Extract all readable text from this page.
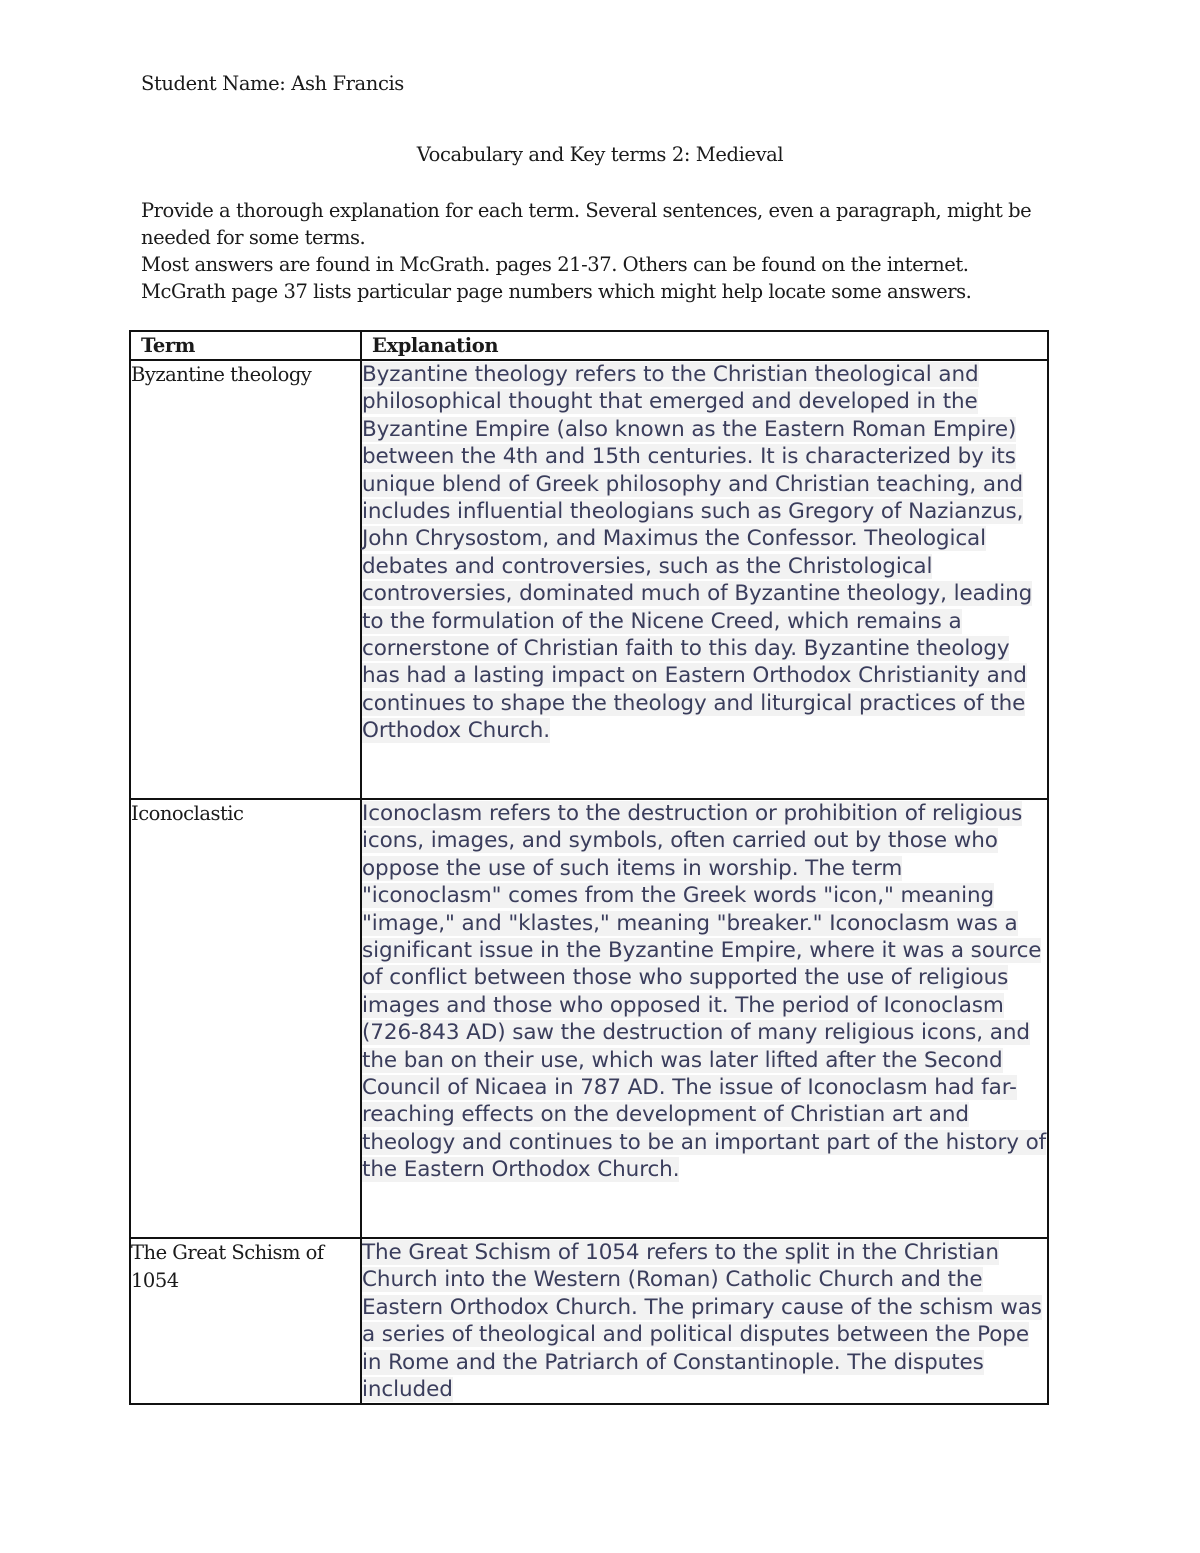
Student Name: Ash Francis
Vocabulary and Key terms 2: Medieval

Provide a thorough explanation for each term. Several sentences, even a paragraph, might be needed for some terms.

Most answers are found in McGrath. pages 21-37. Others can be found on the internet. McGrath page 37 lists particular page numbers which might help locate some answers.

Term	Explanation
Byzantine theology	Byzantine theology refers to the Christian theological and philosophical thought that emerged and developed in the Byzantine Empire (also known as the Eastern Roman Empire) between the 4th and 15th centuries. It is characterized by its unique blend of Greek philosophy and Christian teaching, and includes influential theologians such as Gregory of Nazianzus, John Chrysostom, and Maximus the Confessor. Theological debates and controversies, such as the Christological controversies, dominated much of Byzantine theology, leading to the formulation of the Nicene Creed, which remains a cornerstone of Christian faith to this day. Byzantine theology has had a lasting impact on Eastern Orthodox Christianity and continues to shape the theology and liturgical practices of the Orthodox Church.
Iconoclastic	Iconoclasm refers to the destruction or prohibition of religious icons, images, and symbols, often carried out by those who oppose the use of such items in worship. The term "iconoclasm" comes from the Greek words "icon," meaning "image," and "klastes," meaning "breaker." Iconoclasm was a significant issue in the Byzantine Empire, where it was a source of conflict between those who supported the use of religious images and those who opposed it. The period of Iconoclasm (726-843 AD) saw the destruction of many religious icons, and the ban on their use, which was later lifted after the Second Council of Nicaea in 787 AD. The issue of Iconoclasm had far-reaching effects on the development of Christian art and theology and continues to be an important part of the history of the Eastern Orthodox Church.
The Great Schism of 1054	The Great Schism of 1054 refers to the split in the Christian Church into the Western (Roman) Catholic Church and the Eastern Orthodox Church. The primary cause of the schism was a series of theological and political disputes between the Pope in Rome and the Patriarch of Constantinople. The disputes included
